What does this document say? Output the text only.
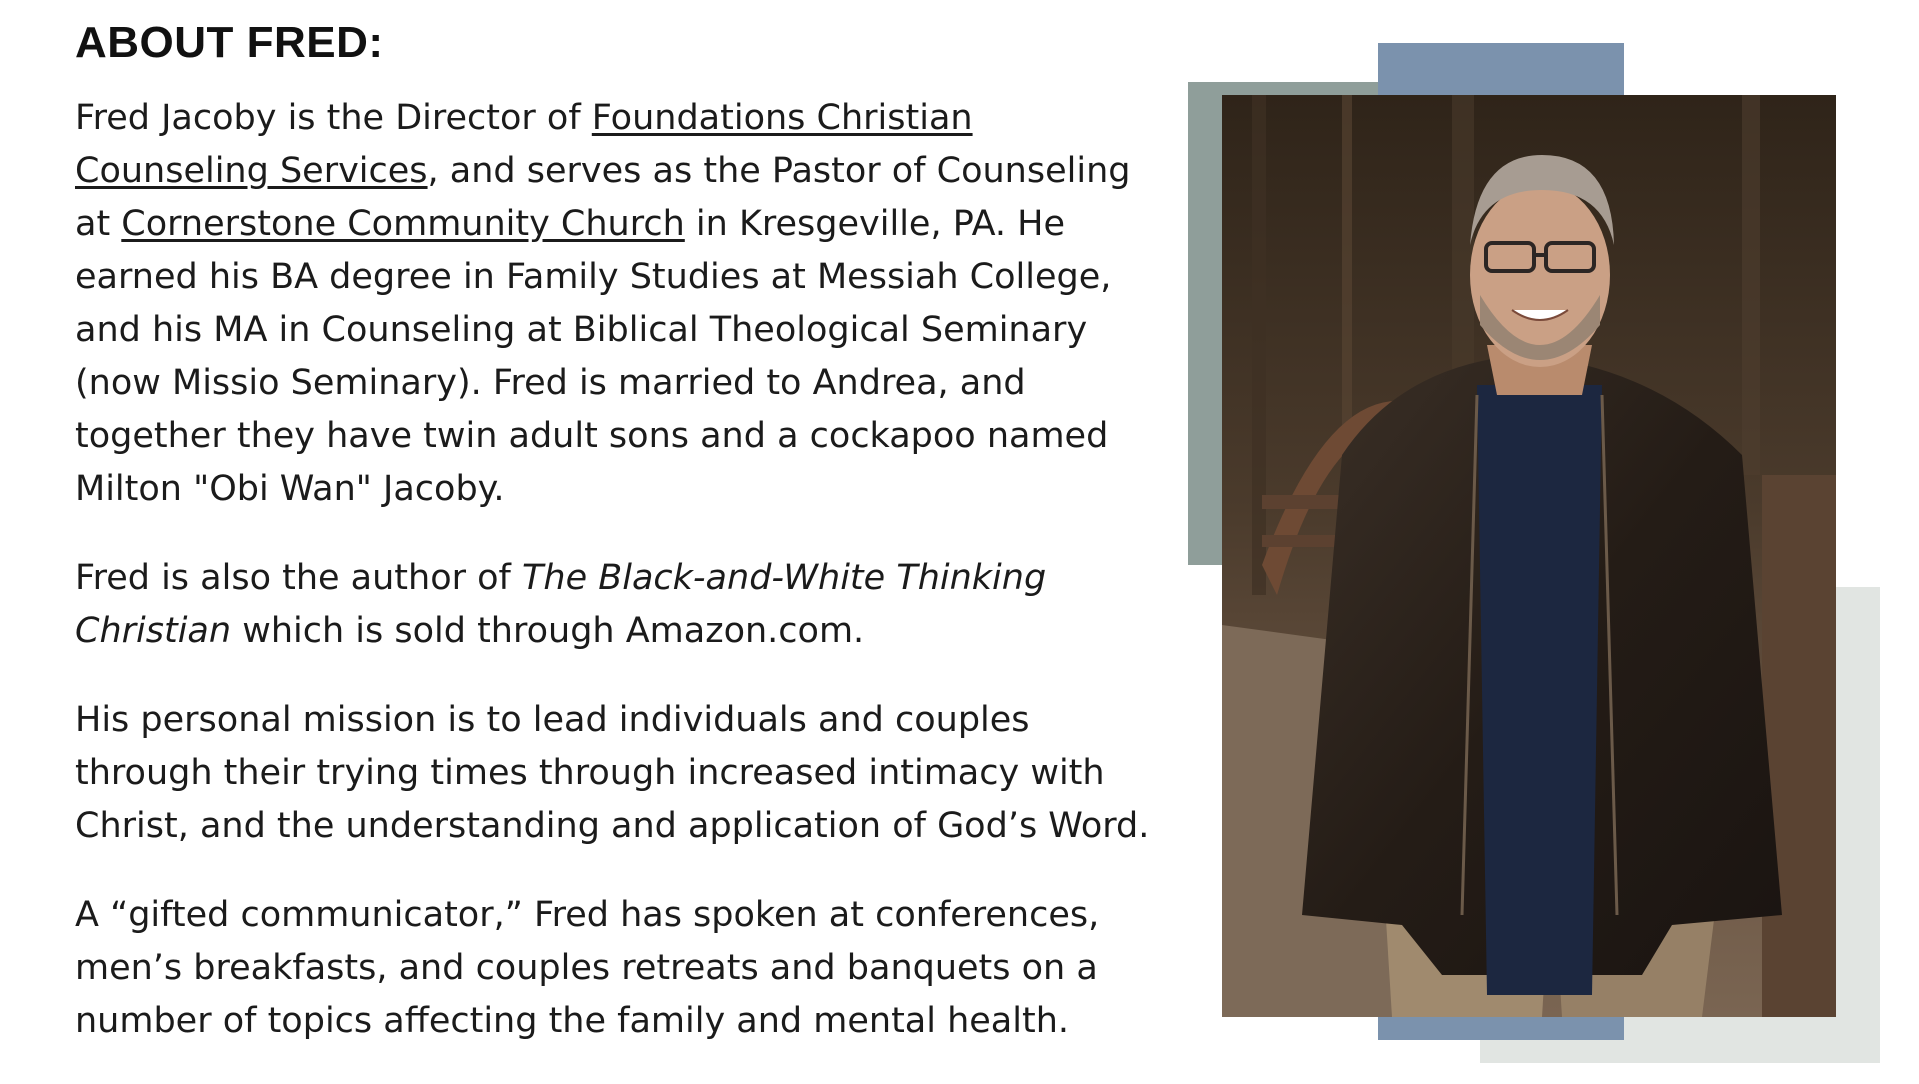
ABOUT FRED:

Fred Jacoby is the Director of Foundations Christian Counseling Services, and serves as the Pastor of Counseling at Cornerstone Community Church in Kresgeville, PA. He earned his BA degree in Family Studies at Messiah College, and his MA in Counseling at Biblical Theological Seminary (now Missio Seminary). Fred is married to Andrea, and together they have twin adult sons and a cockapoo named Milton "Obi Wan" Jacoby.

Fred is also the author of The Black-and-White Thinking Christian which is sold through Amazon.com.

His personal mission is to lead individuals and couples through their trying times through increased intimacy with Christ, and the understanding and application of God’s Word.

A “gifted communicator,” Fred has spoken at conferences, men’s breakfasts, and couples retreats and banquets on a number of topics affecting the family and mental health.
